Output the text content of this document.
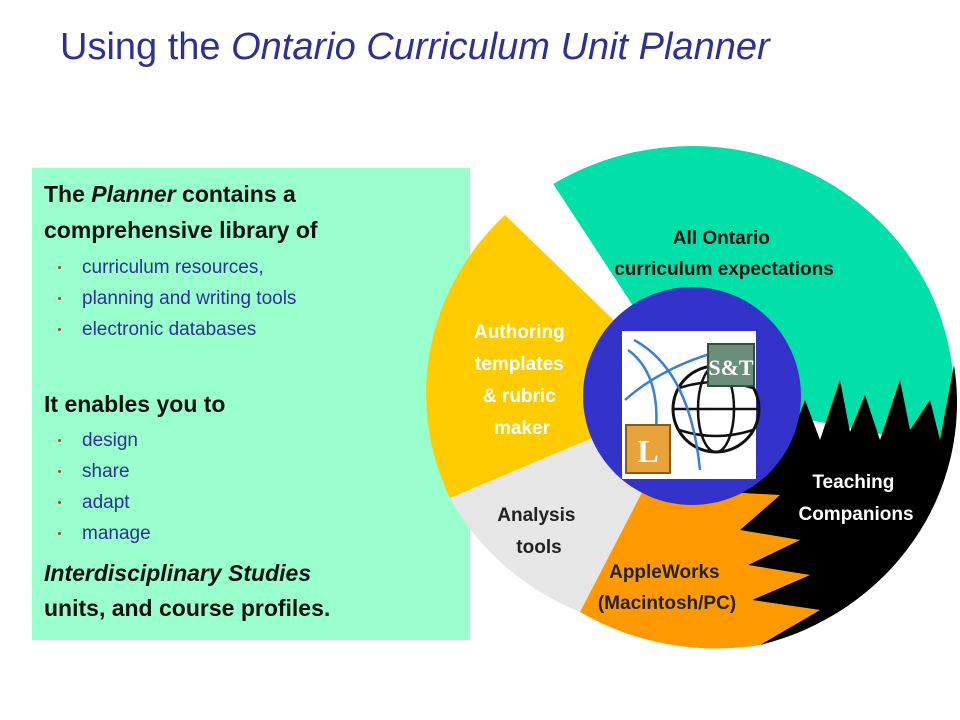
Using the Ontario Curriculum Unit Planner
The Planner contains a
comprehensive library of
curriculum resources,
planning and writing tools
electronic databases
It enables you to
design
share
adapt
manage
Interdisciplinary Studies
units, and course profiles.
S&T
L
All Ontario curriculum expectations
Authoring templates & rubric maker
Analysis tools
AppleWorks (Macintosh/PC)
Teaching Companions
